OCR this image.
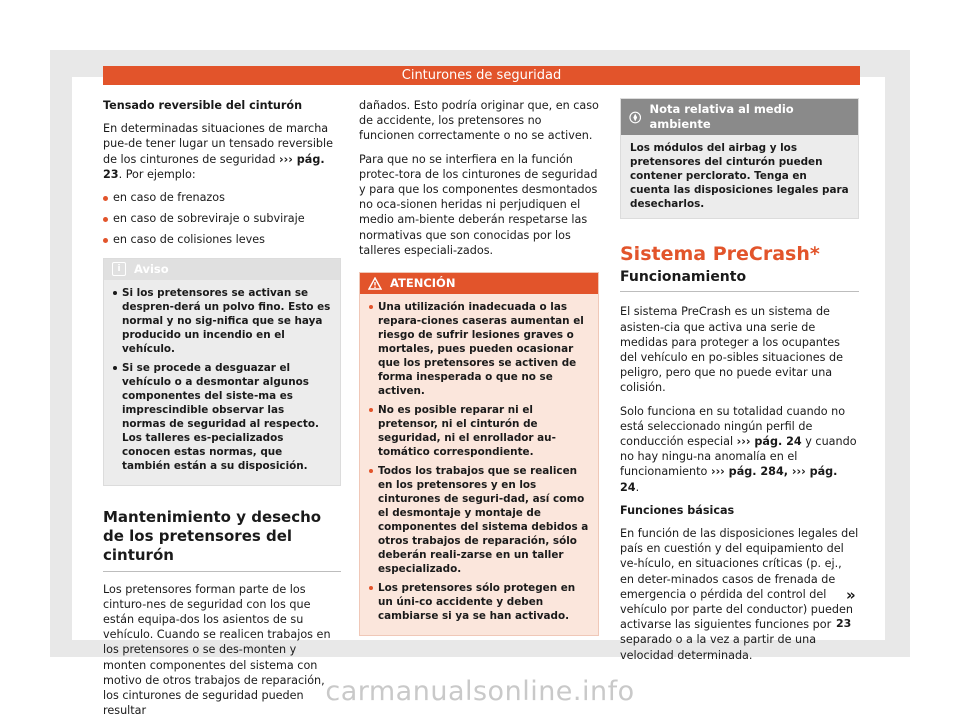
Cinturones de seguridad

Tensado reversible del cinturón

En determinadas situaciones de marcha pue-de tener lugar un tensado reversible de los cinturones de seguridad ››› pág. 23. Por ejemplo:

en caso de frenazos
en caso de sobreviraje o subviraje
en caso de colisiones leves
i	Aviso
Si los pretensores se activan se despren-derá un polvo fino. Esto es normal y no sig-nifica que se haya producido un incendio en el vehículo.
Si se procede a desguazar el vehículo o a desmontar algunos componentes del siste-ma es imprescindible observar las normas de seguridad al respecto. Los talleres es-pecializados conocen estas normas, que también están a su disposición.
Mantenimiento y desecho de los pretensores del cinturón

Los pretensores forman parte de los cinturo-nes de seguridad con los que están equipa-dos los asientos de su vehículo. Cuando se realicen trabajos en los pretensores o se des-monten y monten componentes del sistema con motivo de otros trabajos de reparación, los cinturones de seguridad pueden resultar

dañados. Esto podría originar que, en caso de accidente, los pretensores no funcionen correctamente o no se activen.

Para que no se interfiera en la función protec-tora de los cinturones de seguridad y para que los componentes desmontados no oca-sionen heridas ni perjudiquen el medio am-biente deberán respetarse las normativas que son conocidas por los talleres especiali-zados.

ATENCIÓN
Una utilización inadecuada o las repara-ciones caseras aumentan el riesgo de sufrir lesiones graves o mortales, pues pueden ocasionar que los pretensores se activen de forma inesperada o que no se activen.
No es posible reparar ni el pretensor, ni el cinturón de seguridad, ni el enrollador au-tomático correspondiente.
Todos los trabajos que se realicen en los pretensores y en los cinturones de seguri-dad, así como el desmontaje y montaje de componentes del sistema debidos a otros trabajos de reparación, sólo deberán reali-zarse en un taller especializado.
Los pretensores sólo protegen en un úni-co accidente y deben cambiarse si ya se han activado.
Nota relativa al medio ambiente

Los módulos del airbag y los pretensores del cinturón pueden contener perclorato. Tenga en cuenta las disposiciones legales para desecharlos.

Sistema PreCrash*
Funcionamiento

El sistema PreCrash es un sistema de asisten-cia que activa una serie de medidas para proteger a los ocupantes del vehículo en po-sibles situaciones de peligro, pero que no puede evitar una colisión.

Solo funciona en su totalidad cuando no está seleccionado ningún perfil de conducción especial ››› pág. 24 y cuando no hay ningu-na anomalía en el funcionamiento ››› pág. 284, ››› pág. 24.

Funciones básicas

En función de las disposiciones legales del país en cuestión y del equipamiento del ve-hículo, en situaciones críticas (p. ej., en deter-minados casos de frenada de emergencia o pérdida del control del vehículo por parte del conductor) pueden activarse las siguientes funciones por separado o a la vez a partir de una velocidad determinada.

»
23
carmanualsonline.info
